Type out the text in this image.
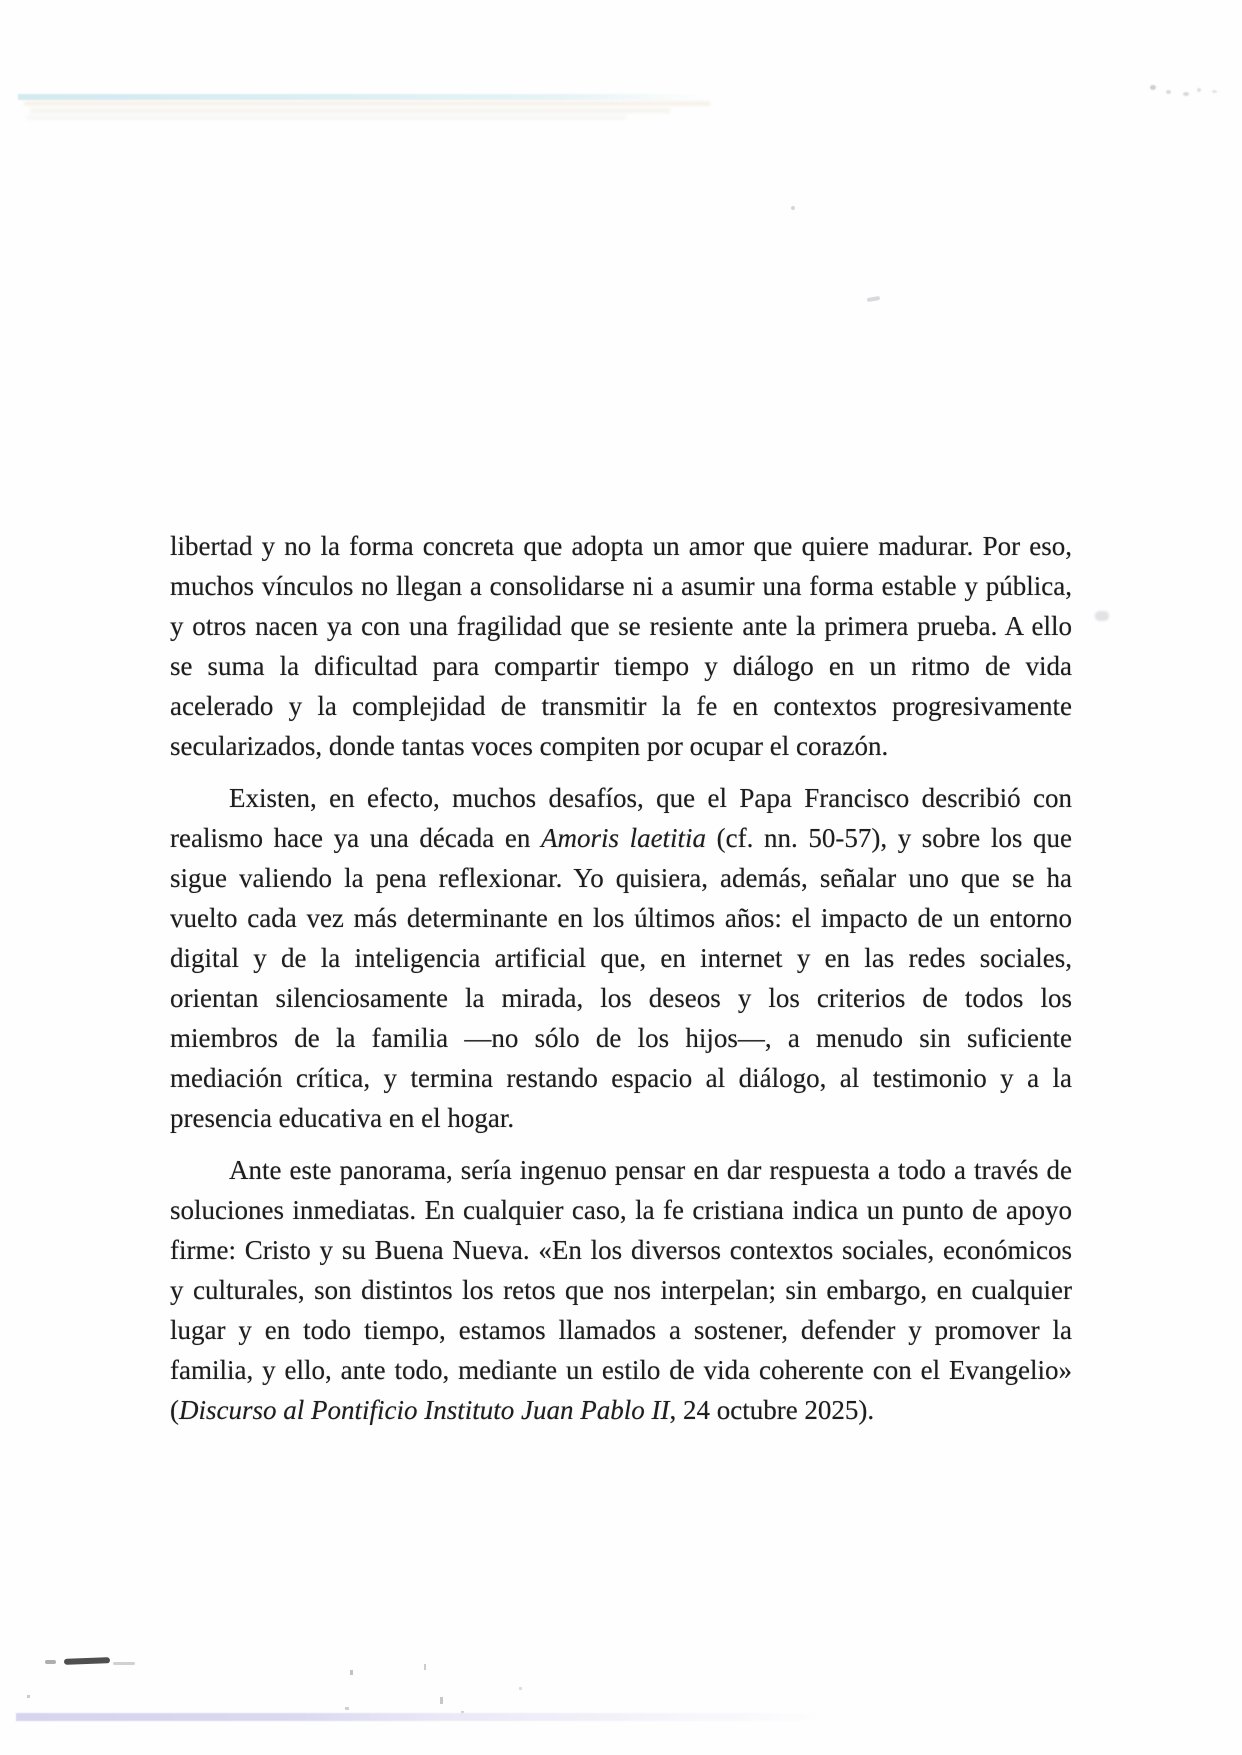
libertad y no la forma concreta que adopta un amor que quiere madurar. Por eso,
muchos vínculos no llegan a consolidarse ni a asumir una forma estable y pública,
y otros nacen ya con una fragilidad que se resiente ante la primera prueba. A ello
se suma la dificultad para compartir tiempo y diálogo en un ritmo de vida
acelerado y la complejidad de transmitir la fe en contextos progresivamente
secularizados, donde tantas voces compiten por ocupar el corazón.
Existen, en efecto, muchos desafíos, que el Papa Francisco describió con
realismo hace ya una década en Amoris laetitia (cf. nn. 50-57), y sobre los que
sigue valiendo la pena reflexionar. Yo quisiera, además, señalar uno que se ha
vuelto cada vez más determinante en los últimos años: el impacto de un entorno
digital y de la inteligencia artificial que, en internet y en las redes sociales,
orientan silenciosamente la mirada, los deseos y los criterios de todos los
miembros de la familia —no sólo de los hijos—, a menudo sin suficiente
mediación crítica, y termina restando espacio al diálogo, al testimonio y a la
presencia educativa en el hogar.
Ante este panorama, sería ingenuo pensar en dar respuesta a todo a través de
soluciones inmediatas. En cualquier caso, la fe cristiana indica un punto de apoyo
firme: Cristo y su Buena Nueva. «En los diversos contextos sociales, económicos
y culturales, son distintos los retos que nos interpelan; sin embargo, en cualquier
lugar y en todo tiempo, estamos llamados a sostener, defender y promover la
familia, y ello, ante todo, mediante un estilo de vida coherente con el Evangelio»
(Discurso al Pontificio Instituto Juan Pablo II, 24 octubre 2025).
